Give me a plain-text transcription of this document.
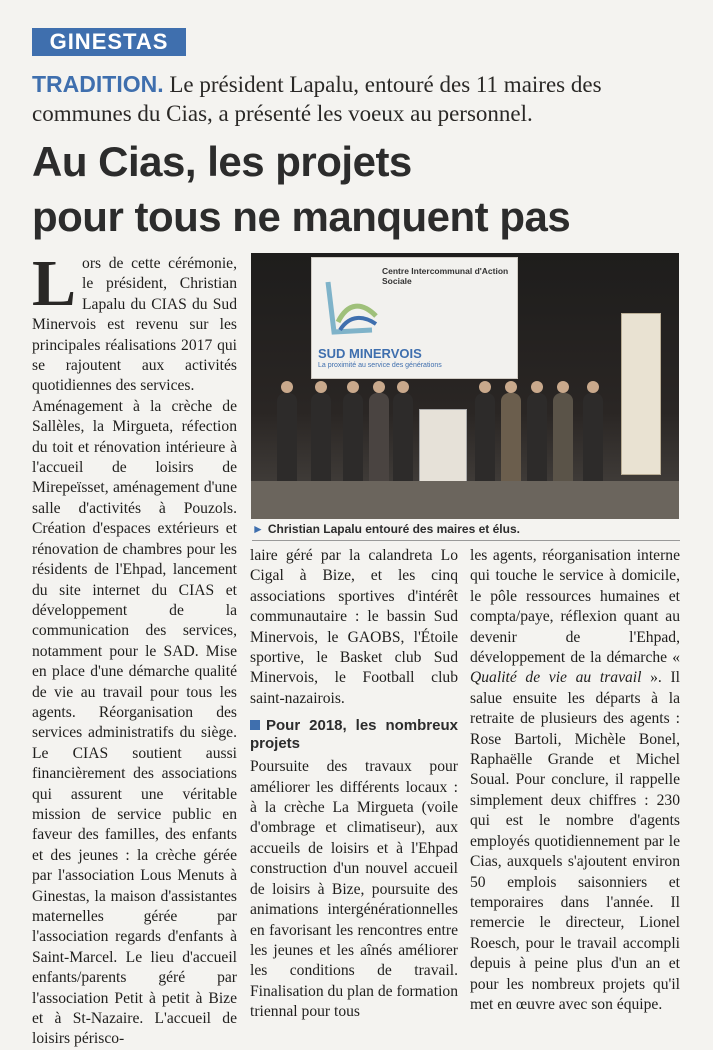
GINESTAS
TRADITION. Le président Lapalu, entouré des 11 maires des communes du Cias, a présenté les voeux au personnel.
Au Cias, les projets
pour tous ne manquent pas
L ors de cette cérémonie, le président, Christian Lapalu du CIAS du Sud Minervois est revenu sur les principales réalisations 2017 qui se rajoutent aux activités quotidiennes des services.

Aménagement à la crèche de Sallèles, la Mirgueta, réfection du toit et rénovation intérieure à l'accueil de loisirs de Mirepeïsset, aménagement d'une salle d'activités à Pouzols. Création d'espaces extérieurs et rénovation de chambres pour les résidents de l'Ehpad, lancement du site internet du CIAS et développement de la communication des services, notamment pour le SAD. Mise en place d'une démarche qualité de vie au travail pour tous les agents. Réorganisation des services administratifs du siège. Le CIAS soutient aussi financièrement des associations qui assurent une véritable mission de service public en faveur des familles, des enfants et des jeunes : la crèche gérée par l'association Lous Menuts à Ginestas, la maison d'assistantes maternelles gérée par l'association regards d'enfants à Saint-Marcel. Le lieu d'accueil enfants/parents géré par l'association Petit à petit à Bize et à St-Nazaire. L'accueil de loisirs périsco-

Centre Intercommunal d'Action Sociale
SUD MINERVOIS
La proximité au service des générations
► Christian Lapalu entouré des maires et élus.

laire géré par la calandreta Lo Cigal à Bize, et les cinq associations sportives d'intérêt communautaire : le bassin Sud Minervois, le GAOBS, l'Étoile sportive, le Basket club Sud Minervois, le Football club saint-nazairois.

Pour 2018, les nombreux projets

Poursuite des travaux pour améliorer les différents locaux : à la crèche La Mirgueta (voile d'ombrage et climatiseur), aux accueils de loisirs et à l'Ehpad construction d'un nouvel accueil de loisirs à Bize, poursuite des animations intergénérationnelles en favorisant les rencontres entre les jeunes et les aînés améliorer les conditions de travail. Finalisation du plan de formation triennal pour tous

les agents, réorganisation interne qui touche le service à domicile, le pôle ressources humaines et compta/paye, réflexion quant au devenir de l'Ehpad, développement de la démarche « Qualité de vie au travail ». Il salue ensuite les départs à la retraite de plusieurs des agents : Rose Bartoli, Michèle Bonel, Raphaëlle Grande et Michel Soual. Pour conclure, il rappelle simplement deux chiffres : 230 qui est le nombre d'agents employés quotidiennement par le Cias, auxquels s'ajoutent environ 50 emplois saisonniers et temporaires dans l'année. Il remercie le directeur, Lionel Roesch, pour le travail accompli depuis à peine plus d'un an et pour les nombreux projets qu'il met en œuvre avec son équipe.
